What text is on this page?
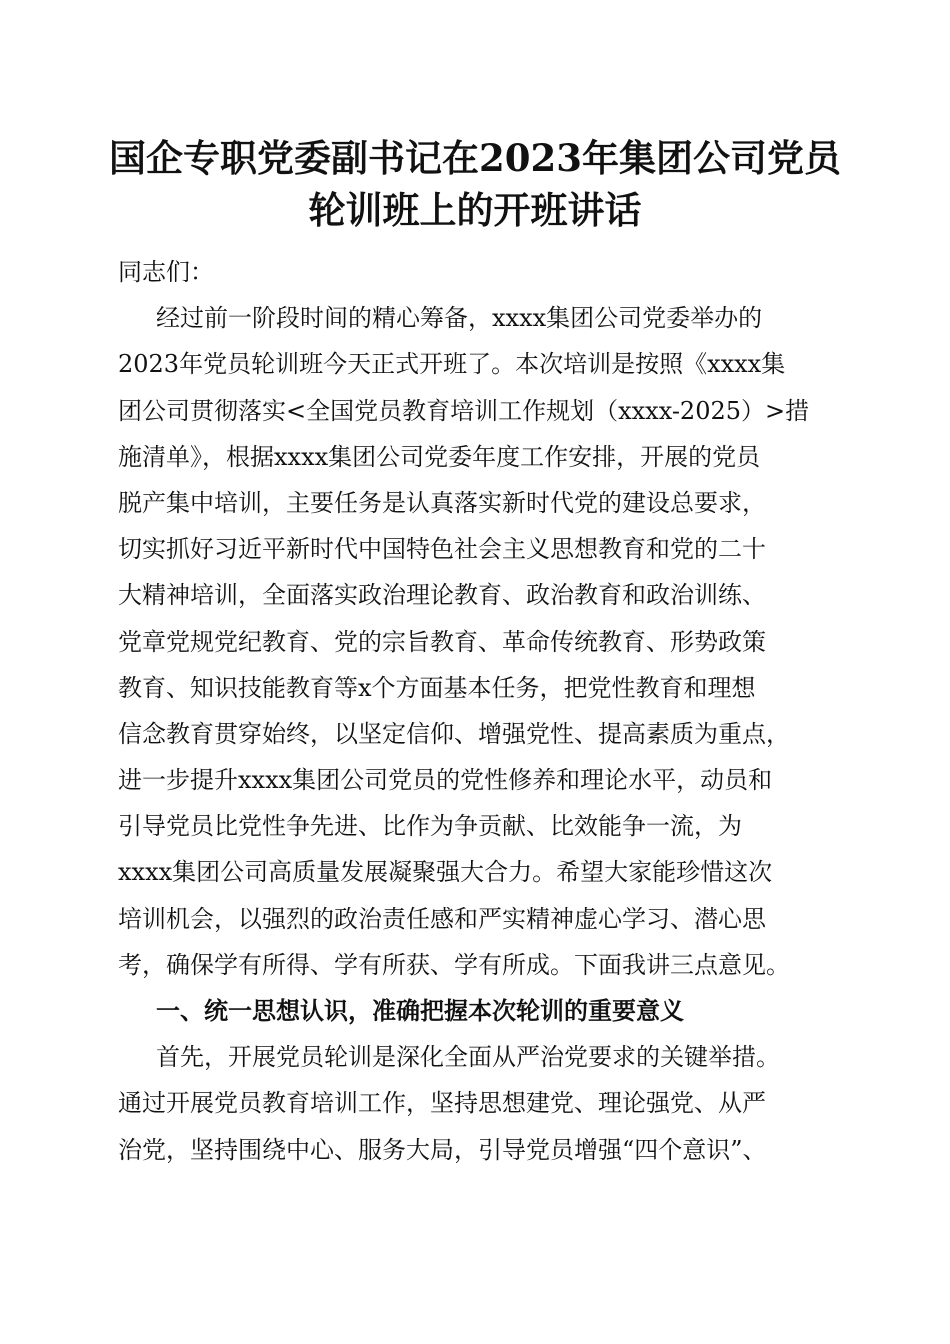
国企专职党委副书记在2023年集团公司党员
轮训班上的开班讲话
同志们：
经过前一阶段时间的精心筹备，xxxx集团公司党委举办的
2023年党员轮训班今天正式开班了。本次培训是按照《xxxx集
团公司贯彻落实<全国党员教育培训工作规划（xxxx-2025）>措
施清单》，根据xxxx集团公司党委年度工作安排，开展的党员
脱产集中培训，主要任务是认真落实新时代党的建设总要求，
切实抓好习近平新时代中国特色社会主义思想教育和党的二十
大精神培训，全面落实政治理论教育、政治教育和政治训练、
党章党规党纪教育、党的宗旨教育、革命传统教育、形势政策
教育、知识技能教育等x个方面基本任务，把党性教育和理想
信念教育贯穿始终，以坚定信仰、增强党性、提高素质为重点，
进一步提升xxxx集团公司党员的党性修养和理论水平，动员和
引导党员比党性争先进、比作为争贡献、比效能争一流，为
xxxx集团公司高质量发展凝聚强大合力。希望大家能珍惜这次
培训机会，以强烈的政治责任感和严实精神虚心学习、潜心思
考，确保学有所得、学有所获、学有所成。下面我讲三点意见。
一、统一思想认识，准确把握本次轮训的重要意义
首先，开展党员轮训是深化全面从严治党要求的关键举措。
通过开展党员教育培训工作，坚持思想建党、理论强党、从严
治党，坚持围绕中心、服务大局，引导党员增强“四个意识”、
